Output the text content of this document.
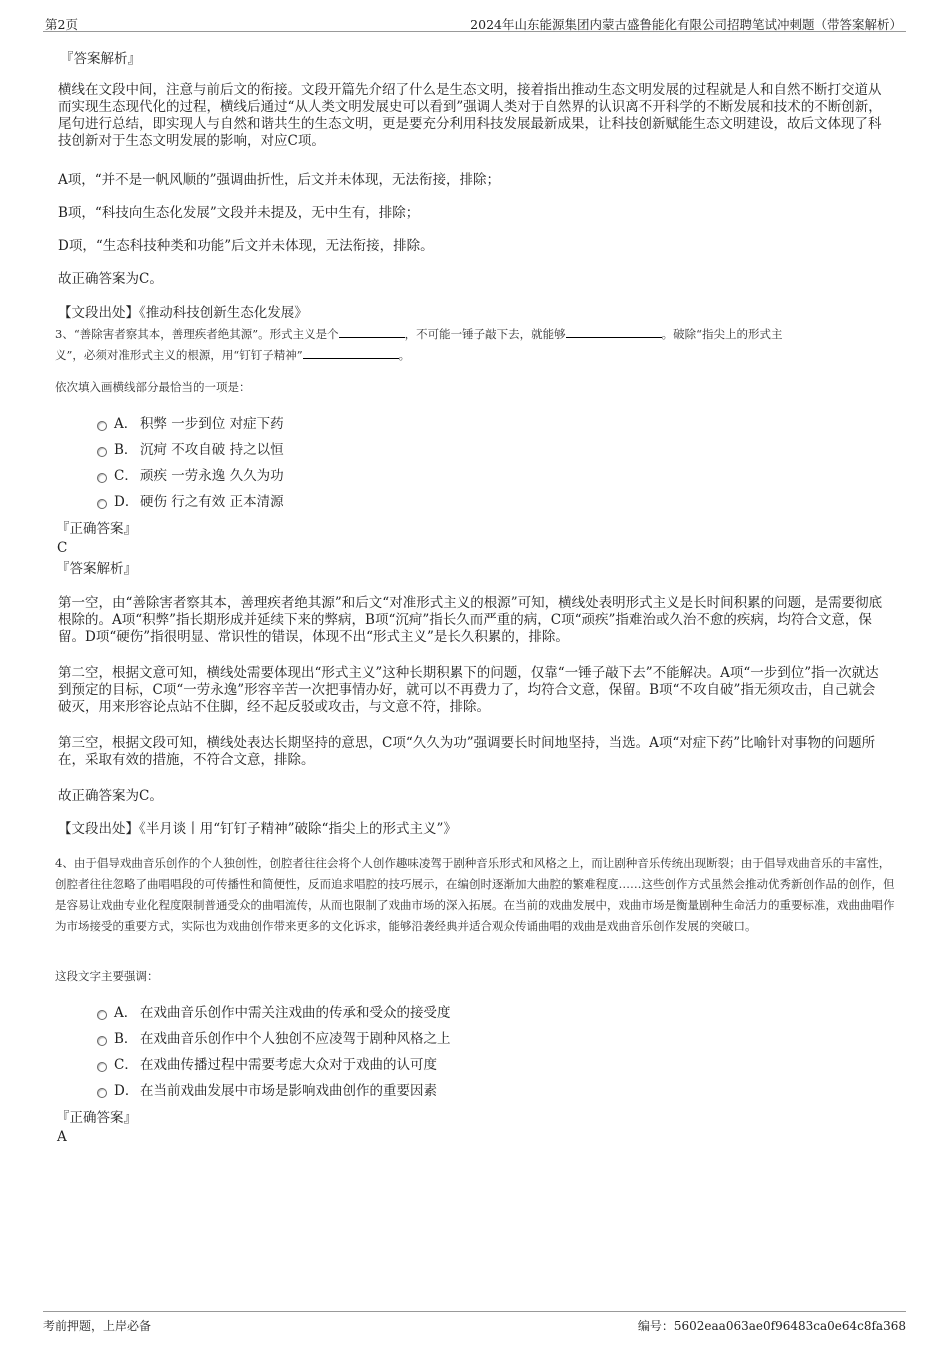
第2页	2024年山东能源集团内蒙古盛鲁能化有限公司招聘笔试冲刺题（带答案解析）
『答案解析』
横线在文段中间，注意与前后文的衔接。文段开篇先介绍了什么是生态文明，接着指出推动生态文明发展的过程就是人和自然不断打交道从而实现生态现代化的过程，横线后通过“从人类文明发展史可以看到”强调人类对于自然界的认识离不开科学的不断发展和技术的不断创新，尾句进行总结，即实现人与自然和谐共生的生态文明，更是要充分利用科技发展最新成果，让科技创新赋能生态文明建设，故后文体现了科技创新对于生态文明发展的影响，对应C项。
A项，“并不是一帆风顺的”强调曲折性，后文并未体现，无法衔接，排除；
B项，“科技向生态化发展”文段并未提及，无中生有，排除；
D项，“生态科技种类和功能”后文并未体现，无法衔接，排除。
故正确答案为C。
【文段出处】《推动科技创新生态化发展》
3、“善除害者察其本，善理疾者绝其源”。形式主义是个	，不可能一锤子敲下去，就能够	。破除“指尖上的形式主
义”，必须对准形式主义的根源，用“钉钉子精神”	。
依次填入画横线部分最恰当的一项是：
A． 积弊 一步到位 对症下药
B． 沉疴 不攻自破 持之以恒
C． 顽疾 一劳永逸 久久为功
D． 硬伤 行之有效 正本清源
『正确答案』
C
『答案解析』
第一空，由“善除害者察其本，善理疾者绝其源”和后文“对准形式主义的根源”可知，横线处表明形式主义是长时间积累的问题，是需要彻底根除的。A项“积弊”指长期形成并延续下来的弊病，B项“沉疴”指长久而严重的病，C项“顽疾”指难治或久治不愈的疾病，均符合文意，保留。D项“硬伤”指很明显、常识性的错误，体现不出“形式主义”是长久积累的，排除。
第二空，根据文意可知，横线处需要体现出“形式主义”这种长期积累下的问题，仅靠“一锤子敲下去”不能解决。A项“一步到位”指一次就达到预定的目标，C项“一劳永逸”形容辛苦一次把事情办好，就可以不再费力了，均符合文意，保留。B项“不攻自破”指无须攻击，自己就会破灭，用来形容论点站不住脚，经不起反驳或攻击，与文意不符，排除。
第三空，根据文段可知，横线处表达长期坚持的意思，C项“久久为功”强调要长时间地坚持，当选。A项“对症下药”比喻针对事物的问题所在，采取有效的措施，不符合文意，排除。
故正确答案为C。
【文段出处】《半月谈丨用“钉钉子精神”破除“指尖上的形式主义”》
4、由于倡导戏曲音乐创作的个人独创性，创腔者往往会将个人创作趣味凌驾于剧种音乐形式和风格之上，而让剧种音乐传统出现断裂；由于倡导戏曲音乐的丰富性，创腔者往往忽略了曲唱唱段的可传播性和简便性，反而追求唱腔的技巧展示，在编创时逐渐加大曲腔的繁难程度……这些创作方式虽然会推动优秀新创作品的创作，但是容易让戏曲专业化程度限制普通受众的曲唱流传，从而也限制了戏曲市场的深入拓展。在当前的戏曲发展中，戏曲市场是衡量剧种生命活力的重要标准，戏曲曲唱作为市场接受的重要方式，实际也为戏曲创作带来更多的文化诉求，能够沿袭经典并适合观众传诵曲唱的戏曲是戏曲音乐创作发展的突破口。
这段文字主要强调：
A． 在戏曲音乐创作中需关注戏曲的传承和受众的接受度
B． 在戏曲音乐创作中个人独创不应凌驾于剧种风格之上
C． 在戏曲传播过程中需要考虑大众对于戏曲的认可度
D． 在当前戏曲发展中市场是影响戏曲创作的重要因素
『正确答案』
A
考前押题，上岸必备	编号：5602eaa063ae0f96483ca0e64c8fa368
